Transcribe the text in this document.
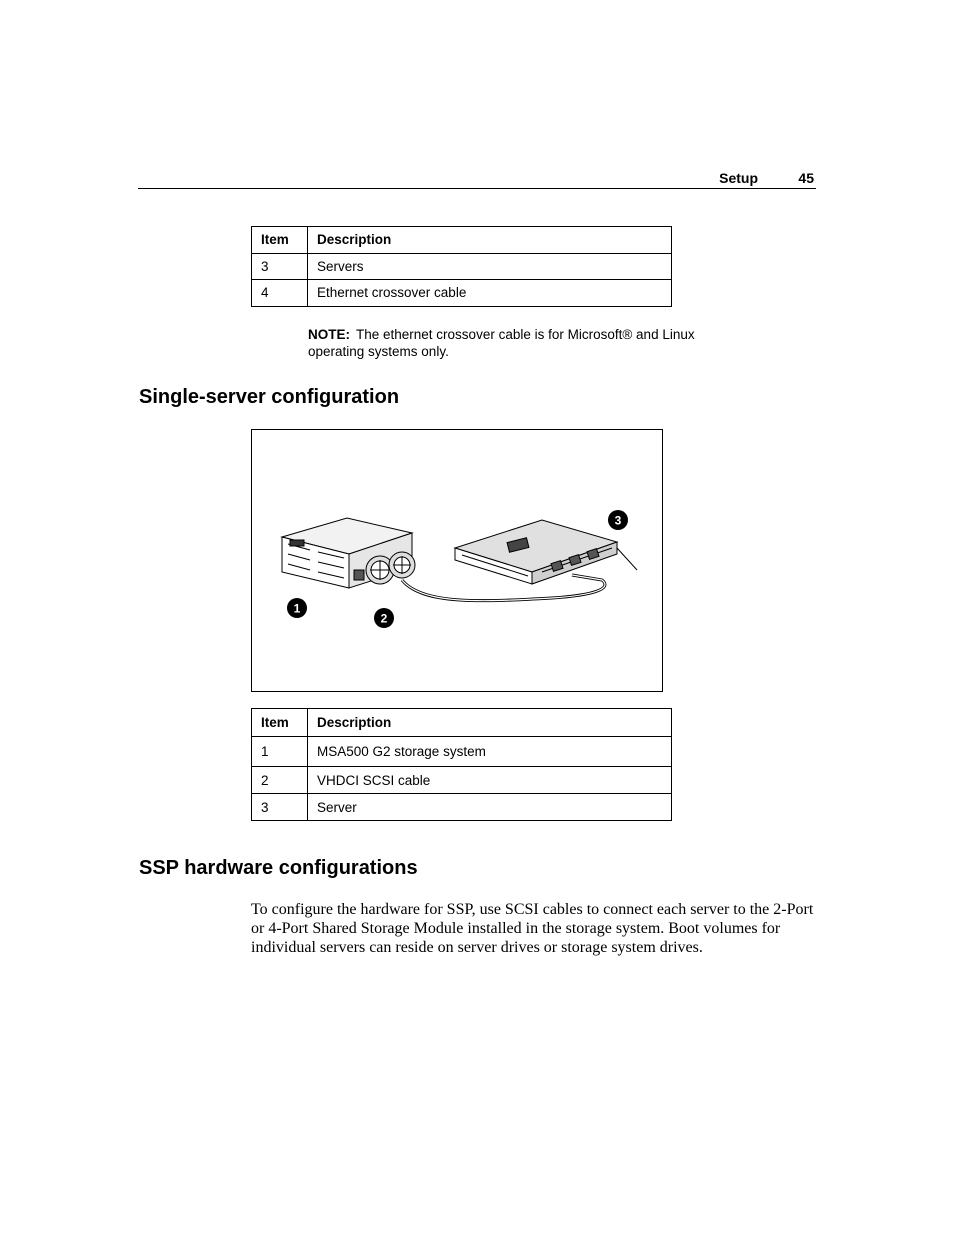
Setup	45
Item	Description
3	Servers
4	Ethernet crossover cable
NOTE: The ethernet crossover cable is for Microsoft® and Linux operating systems only.
Single-server configuration
1
2
3
Item	Description
1	MSA500 G2 storage system
2	VHDCI SCSI cable
3	Server
SSP hardware configurations

To configure the hardware for SSP, use SCSI cables to connect each server to the 2-Port or 4-Port Shared Storage Module installed in the storage system. Boot volumes for individual servers can reside on server drives or storage system drives.
